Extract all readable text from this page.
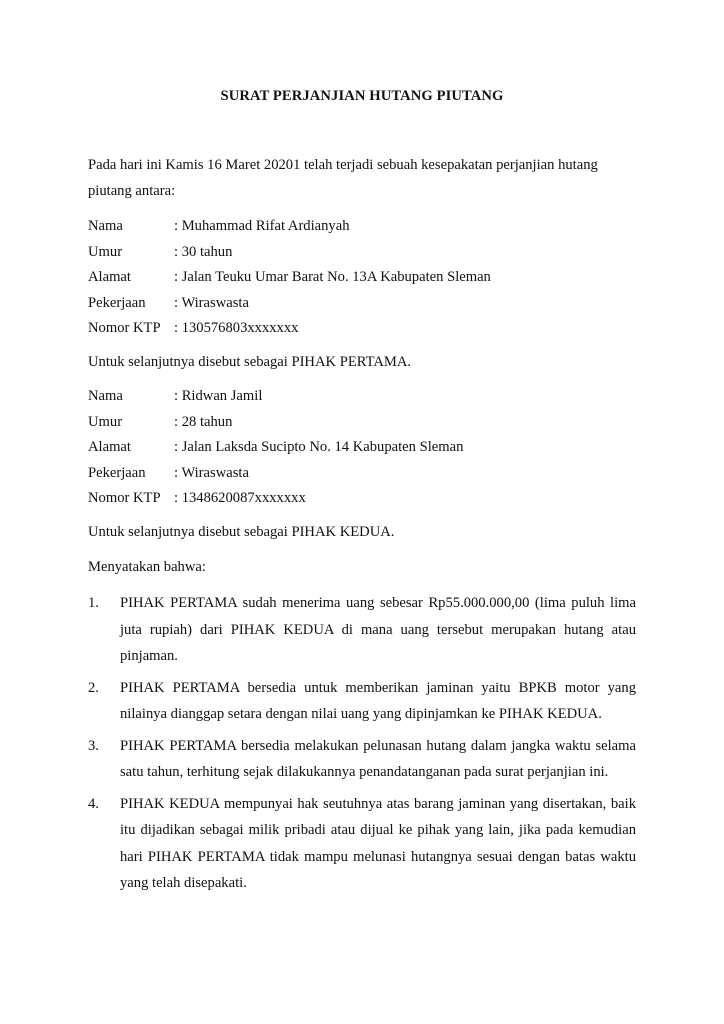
SURAT PERJANJIAN HUTANG PIUTANG

Pada hari ini Kamis 16 Maret 20201 telah terjadi sebuah kesepakatan perjanjian hutang piutang antara:

Nama	: Muhammad Rifat Ardianyah
Umur	: 30 tahun
Alamat	: Jalan Teuku Umar Barat No. 13A Kabupaten Sleman
Pekerjaan : Wiraswasta
Nomor KTP : 130576803xxxxxxx
Untuk selanjutnya disebut sebagai PIHAK PERTAMA.
Nama	: Ridwan Jamil
Umur	: 28 tahun
Alamat	: Jalan Laksda Sucipto No. 14 Kabupaten Sleman
Pekerjaan : Wiraswasta
Nomor KTP : 1348620087xxxxxxx
Untuk selanjutnya disebut sebagai PIHAK KEDUA.
Menyatakan bahwa:
1. PIHAK PERTAMA sudah menerima uang sebesar Rp55.000.000,00 (lima puluh lima juta rupiah) dari PIHAK KEDUA di mana uang tersebut merupakan hutang atau pinjaman.
2. PIHAK PERTAMA bersedia untuk memberikan jaminan yaitu BPKB motor yang nilainya dianggap setara dengan nilai uang yang dipinjamkan ke PIHAK KEDUA.
3. PIHAK PERTAMA bersedia melakukan pelunasan hutang dalam jangka waktu selama satu tahun, terhitung sejak dilakukannya penandatanganan pada surat perjanjian ini.
4. PIHAK KEDUA mempunyai hak seutuhnya atas barang jaminan yang disertakan, baik itu dijadikan sebagai milik pribadi atau dijual ke pihak yang lain, jika pada kemudian hari PIHAK PERTAMA tidak mampu melunasi hutangnya sesuai dengan batas waktu yang telah disepakati.
